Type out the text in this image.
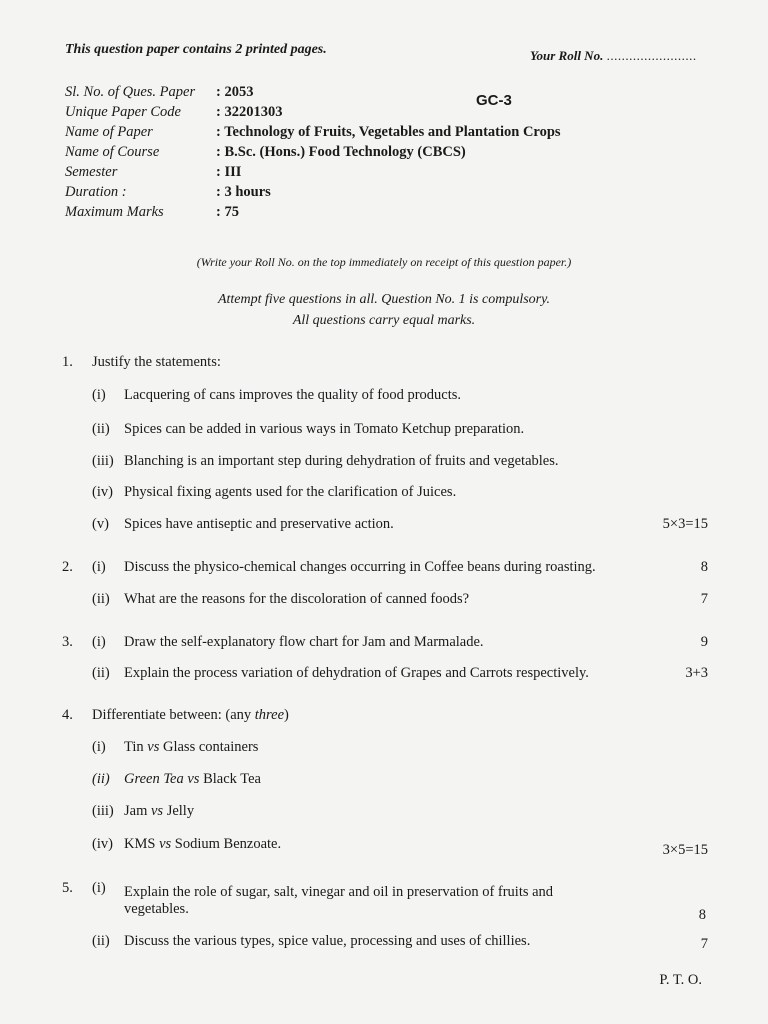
This question paper contains 2 printed pages.	Your Roll No. ........................
Sl. No. of Ques. Paper : 2053
Unique Paper Code : 32201303
Name of Paper	: Technology of Fruits, Vegetables and Plantation Crops
Name of Course	: B.Sc. (Hons.) Food Technology (CBCS)
Semester	: III
Duration :	: 3 hours
Maximum Marks	: 75
GC-3
(Write your Roll No. on the top immediately on receipt of this question paper.)
Attempt five questions in all. Question No. 1 is compulsory.
All questions carry equal marks.
1. Justify the statements:
(i) Lacquering of cans improves the quality of food products.
(ii) Spices can be added in various ways in Tomato Ketchup preparation.
(iii) Blanching is an important step during dehydration of fruits and vegetables.
(iv) Physical fixing agents used for the clarification of Juices.
(v) Spices have antiseptic and preservative action.	5×3=15
2. (i) Discuss the physico-chemical changes occurring in Coffee beans during roasting.	8
(ii) What are the reasons for the discoloration of canned foods?	7
3. (i) Draw the self-explanatory flow chart for Jam and Marmalade.	9
(ii) Explain the process variation of dehydration of Grapes and Carrots respectively.	3+3
4. Differentiate between: (any three)
(i) Tin vs Glass containers
(ii) Green Tea vs Black Tea
(iii) Jam vs Jelly
(iv) KMS vs Sodium Benzoate.	3×5=15
5. (i) Explain the role of sugar, salt, vinegar and oil in preservation of fruits and
vegetables.	8
(ii) Discuss the various types, spice value, processing and uses of chillies.	7
P. T. O.
